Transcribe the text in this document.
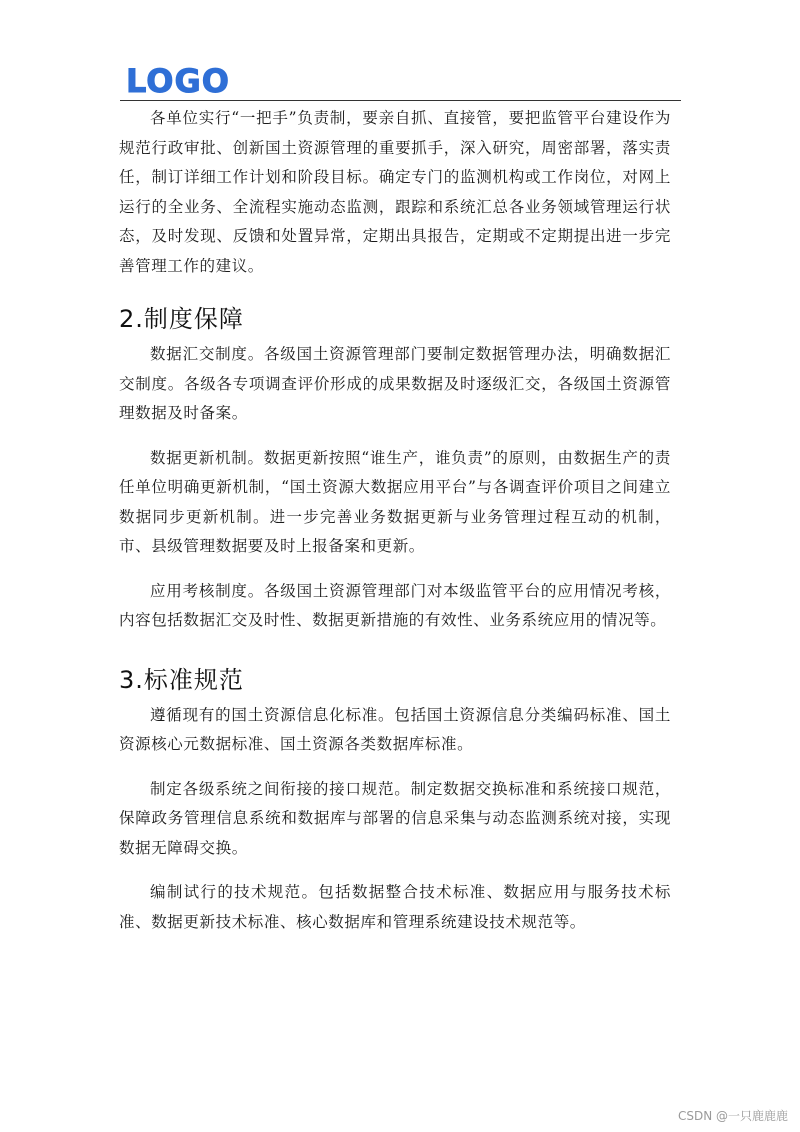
LOGO

各单位实行“一把手”负责制，要亲自抓、直接管，要把监管平台建设作为规范行政审批、创新国土资源管理的重要抓手，深入研究，周密部署，落实责任，制订详细工作计划和阶段目标。确定专门的监测机构或工作岗位，对网上运行的全业务、全流程实施动态监测，跟踪和系统汇总各业务领域管理运行状态，及时发现、反馈和处置异常，定期出具报告，定期或不定期提出进一步完善管理工作的建议。

2.制度保障

数据汇交制度。各级国土资源管理部门要制定数据管理办法，明确数据汇交制度。各级各专项调查评价形成的成果数据及时逐级汇交，各级国土资源管理数据及时备案。

数据更新机制。数据更新按照“谁生产，谁负责”的原则，由数据生产的责任单位明确更新机制，“国土资源大数据应用平台”与各调查评价项目之间建立数据同步更新机制。进一步完善业务数据更新与业务管理过程互动的机制，市、县级管理数据要及时上报备案和更新。

应用考核制度。各级国土资源管理部门对本级监管平台的应用情况考核，内容包括数据汇交及时性、数据更新措施的有效性、业务系统应用的情况等。

3.标准规范

遵循现有的国土资源信息化标准。包括国土资源信息分类编码标准、国土资源核心元数据标准、国土资源各类数据库标准。

制定各级系统之间衔接的接口规范。制定数据交换标准和系统接口规范，保障政务管理信息系统和数据库与部署的信息采集与动态监测系统对接，实现数据无障碍交换。

编制试行的技术规范。包括数据整合技术标准、数据应用与服务技术标准、数据更新技术标准、核心数据库和管理系统建设技术规范等。

CSDN @一只鹿鹿鹿
